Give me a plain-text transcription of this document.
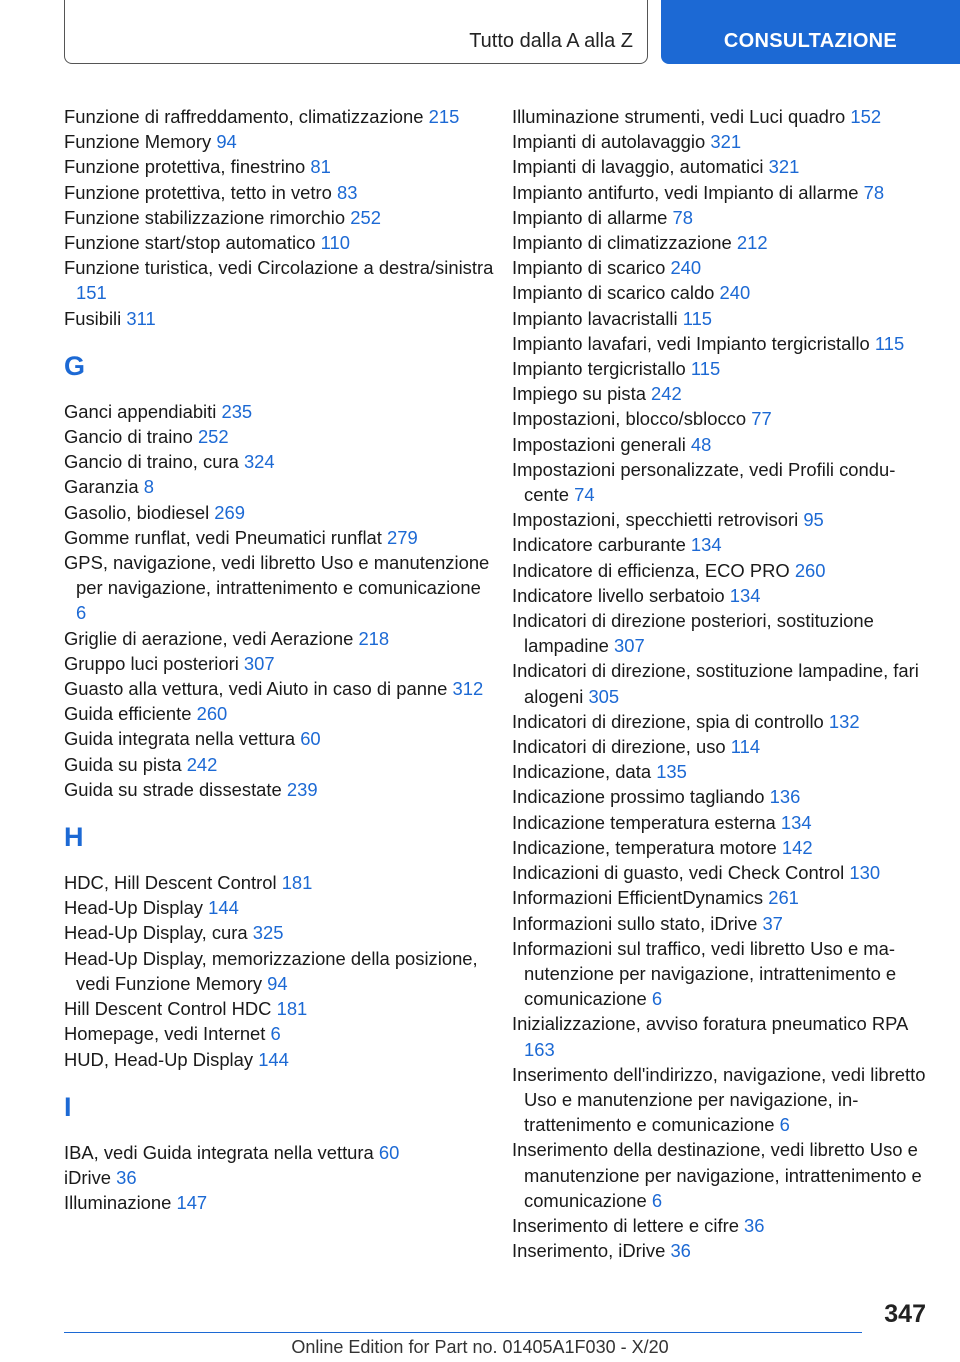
Tutto dalla A alla Z	CONSULTAZIONE
Funzione di raffreddamento, climatizzazione 215
Funzione Memory 94
Funzione protettiva, finestrino 81
Funzione protettiva, tetto in vetro 83
Funzione stabilizzazione rimorchio 252
Funzione start/stop automatico 110
Funzione turistica, vedi Circolazione a destra/sinistra 151
Fusibili 311
G
Ganci appendiabiti 235
Gancio di traino 252
Gancio di traino, cura 324
Garanzia 8
Gasolio, biodiesel 269
Gomme runflat, vedi Pneumatici runflat 279
GPS, navigazione, vedi libretto Uso e manutenzione per navigazione, intrattenimento e comunicazione 6
Griglie di aerazione, vedi Aerazione 218
Gruppo luci posteriori 307
Guasto alla vettura, vedi Aiuto in caso di panne 312
Guida efficiente 260
Guida integrata nella vettura 60
Guida su pista 242
Guida su strade dissestate 239
H
HDC, Hill Descent Control 181
Head-Up Display 144
Head-Up Display, cura 325
Head-Up Display, memorizzazione della posizione, vedi Funzione Memory 94
Hill Descent Control HDC 181
Homepage, vedi Internet 6
HUD, Head-Up Display 144
I
IBA, vedi Guida integrata nella vettura 60
iDrive 36
Illuminazione 147
Illuminazione strumenti, vedi Luci quadro 152
Impianti di autolavaggio 321
Impianti di lavaggio, automatici 321
Impianto antifurto, vedi Impianto di allarme 78
Impianto di allarme 78
Impianto di climatizzazione 212
Impianto di scarico 240
Impianto di scarico caldo 240
Impianto lavacristalli 115
Impianto lavafari, vedi Impianto tergicristallo 115
Impianto tergicristallo 115
Impiego su pista 242
Impostazioni, blocco/sblocco 77
Impostazioni generali 48
Impostazioni personalizzate, vedi Profili conducente 74
Impostazioni, specchietti retrovisori 95
Indicatore carburante 134
Indicatore di efficienza, ECO PRO 260
Indicatore livello serbatoio 134
Indicatori di direzione posteriori, sostituzione lampadine 307
Indicatori di direzione, sostituzione lampadine, fari alogeni 305
Indicatori di direzione, spia di controllo 132
Indicatori di direzione, uso 114
Indicazione, data 135
Indicazione prossimo tagliando 136
Indicazione temperatura esterna 134
Indicazione, temperatura motore 142
Indicazioni di guasto, vedi Check Control 130
Informazioni EfficientDynamics 261
Informazioni sullo stato, iDrive 37
Informazioni sul traffico, vedi libretto Uso e manutenzione per navigazione, intrattenimento e comunicazione 6
Inizializzazione, avviso foratura pneumatico RPA 163
Inserimento dell'indirizzo, navigazione, vedi libretto Uso e manutenzione per navigazione, intrattenimento e comunicazione 6
Inserimento della destinazione, vedi libretto Uso e manutenzione per navigazione, intrattenimento e comunicazione 6
Inserimento di lettere e cifre 36
Inserimento, iDrive 36
347
Online Edition for Part no. 01405A1F030 - X/20
